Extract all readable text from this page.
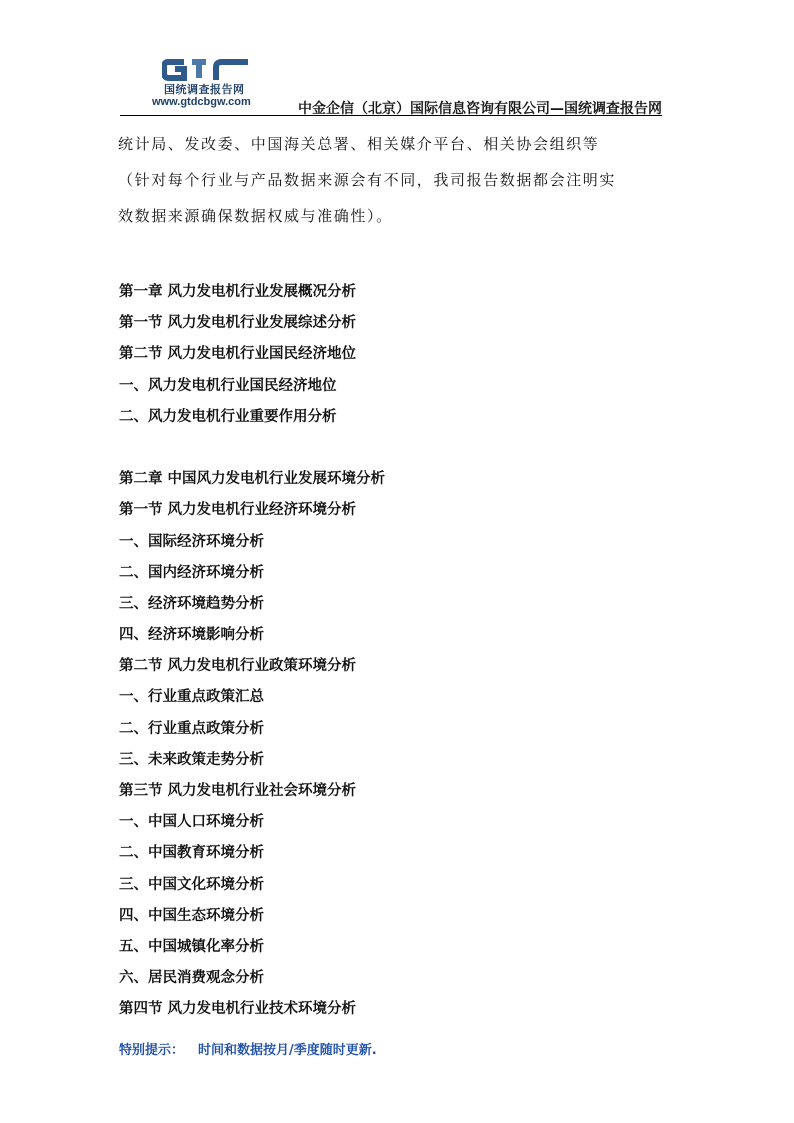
国统调查报告网
www.gtdcbgw.com	中金企信（北京）国际信息咨询有限公司—国统调查报告网

统计局、发改委、中国海关总署、相关媒介平台、相关协会组织等

（针对每个行业与产品数据来源会有不同，我司报告数据都会注明实

效数据来源确保数据权威与准确性）。

第一章 风力发电机行业发展概况分析
第一节 风力发电机行业发展综述分析
第二节 风力发电机行业国民经济地位
一、风力发电机行业国民经济地位
二、风力发电机行业重要作用分析
第二章 中国风力发电机行业发展环境分析
第一节 风力发电机行业经济环境分析
一、国际经济环境分析
二、国内经济环境分析
三、经济环境趋势分析
四、经济环境影响分析
第二节 风力发电机行业政策环境分析
一、行业重点政策汇总
二、行业重点政策分析
三、未来政策走势分析
第三节 风力发电机行业社会环境分析
一、中国人口环境分析
二、中国教育环境分析
三、中国文化环境分析
四、中国生态环境分析
五、中国城镇化率分析
六、居民消费观念分析
第四节 风力发电机行业技术环境分析
特别提示： 时间和数据按月/季度随时更新.
